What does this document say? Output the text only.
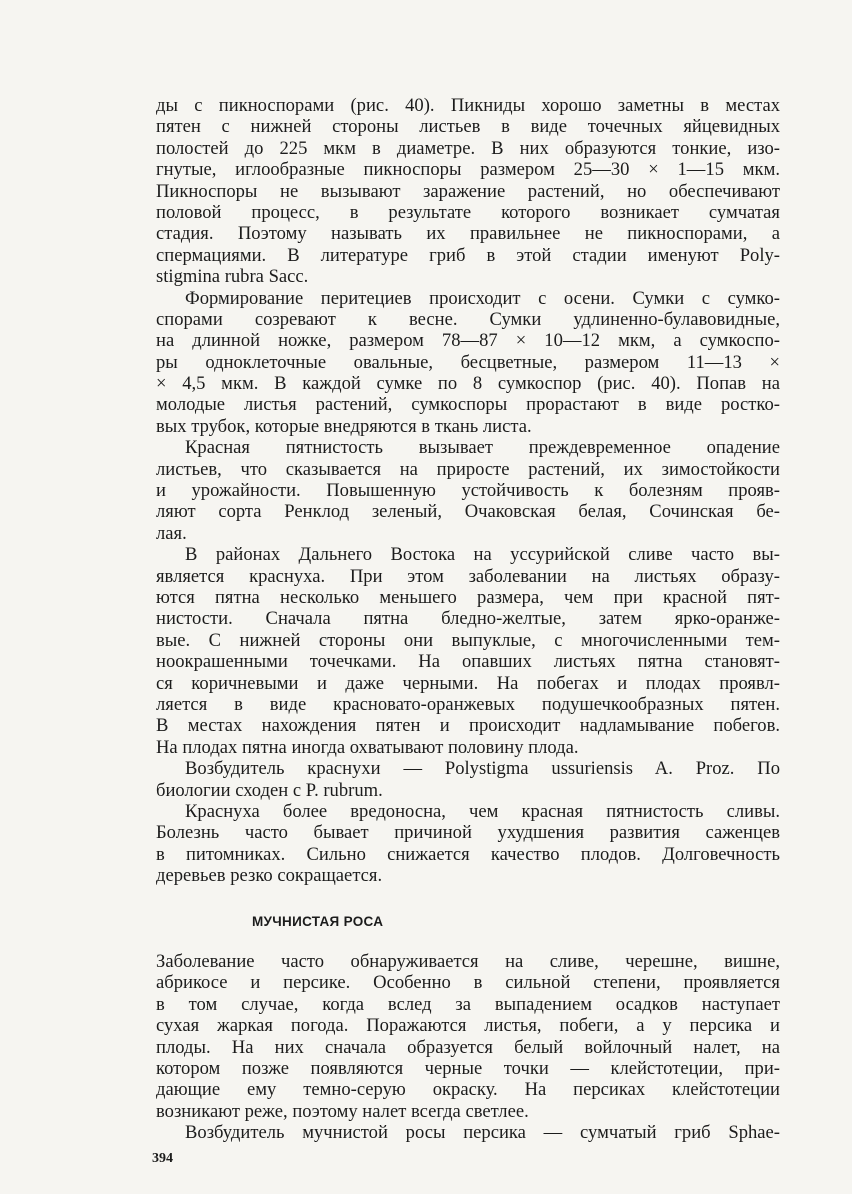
ды с пикноспорами (рис. 40). Пикниды хорошо заметны в местах
пятен с нижней стороны листьев в виде точечных яйцевидных
полостей до 225 мкм в диаметре. В них образуются тонкие, изо-
гнутые, иглообразные пикноспоры размером 25—30 × 1—15 мкм.
Пикноспоры не вызывают заражение растений, но обеспечивают
половой процесс, в результате которого возникает сумчатая
стадия. Поэтому называть их правильнее не пикноспорами, а
спермациями. В литературе гриб в этой стадии именуют Poly-
stigmina rubra Sacc.
Формирование перитециев происходит с осени. Сумки с сумко-
спорами созревают к весне. Сумки удлиненно-булавовидные,
на длинной ножке, размером 78—87 × 10—12 мкм, а сумкоспо-
ры одноклеточные овальные, бесцветные, размером 11—13 ×
× 4,5 мкм. В каждой сумке по 8 сумкоспор (рис. 40). Попав на
молодые листья растений, сумкоспоры прорастают в виде ростко-
вых трубок, которые внедряются в ткань листа.
Красная пятнистость вызывает преждевременное опадение
листьев, что сказывается на приросте растений, их зимостойкости
и урожайности. Повышенную устойчивость к болезням прояв-
ляют сорта Ренклод зеленый, Очаковская белая, Сочинская бе-
лая.
В районах Дальнего Востока на уссурийской сливе часто вы-
является краснуха. При этом заболевании на листьях образу-
ются пятна несколько меньшего размера, чем при красной пят-
нистости. Сначала пятна бледно-желтые, затем ярко-оранже-
вые. С нижней стороны они выпуклые, с многочисленными тем-
ноокрашенными точечками. На опавших листьях пятна становят-
ся коричневыми и даже черными. На побегах и плодах проявл-
ляется в виде красновато-оранжевых подушечкообразных пятен.
В местах нахождения пятен и происходит надламывание побегов.
На плодах пятна иногда охватывают половину плода.
Возбудитель краснухи — Polystigma ussuriensis A. Proz. По
биологии сходен с P. rubrum.
Краснуха более вредоносна, чем красная пятнистость сливы.
Болезнь часто бывает причиной ухудшения развития саженцев
в питомниках. Сильно снижается качество плодов. Долговечность
деревьев резко сокращается.
МУЧНИСТАЯ РОСА
Заболевание часто обнаруживается на сливе, черешне, вишне,
абрикосе и персике. Особенно в сильной степени, проявляется
в том случае, когда вслед за выпадением осадков наступает
сухая жаркая погода. Поражаются листья, побеги, а у персика и
плоды. На них сначала образуется белый войлочный налет, на
котором позже появляются черные точки — клейстотеции, при-
дающие ему темно-серую окраску. На персиках клейстотеции
возникают реже, поэтому налет всегда светлее.
Возбудитель мучнистой росы персика — сумчатый гриб Sphae-
394
